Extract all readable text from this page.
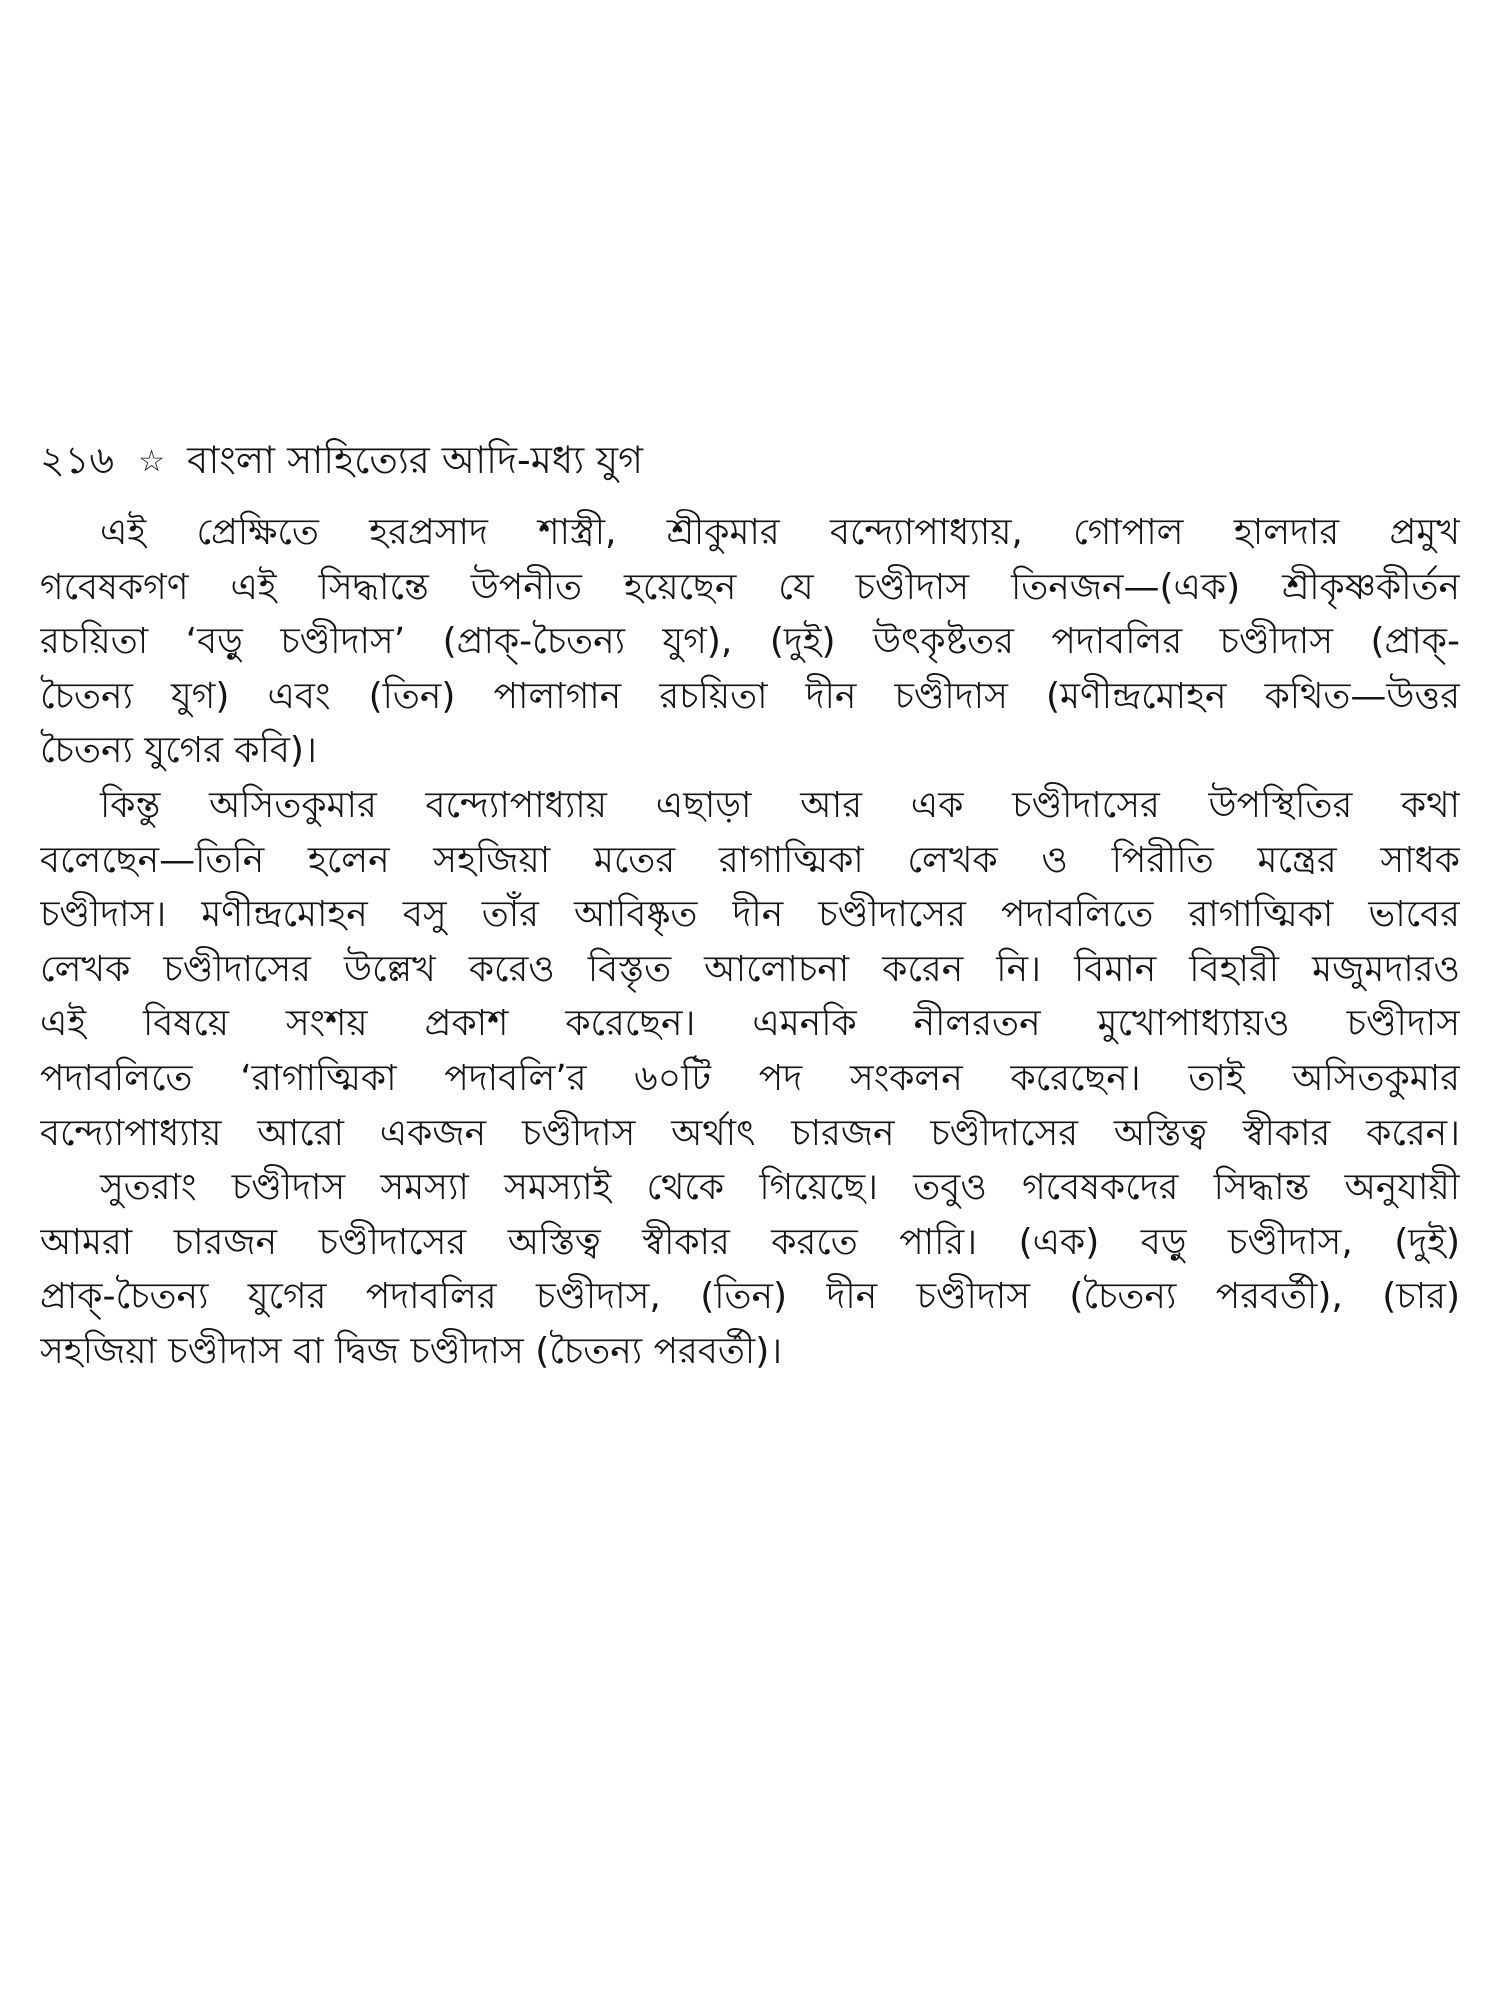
২১৬ ☆ বাংলা সাহিত্যের আদি-মধ্য যুগ
এই প্রেক্ষিতে হরপ্রসাদ শাস্ত্রী, শ্রীকুমার বন্দ্যোপাধ্যায়, গোপাল হালদার প্রমুখ
গবেষকগণ এই সিদ্ধান্তে উপনীত হয়েছেন যে চণ্ডীদাস তিনজন—(এক) শ্রীকৃষ্ণকীর্তন
রচয়িতা ‘বড়ু চণ্ডীদাস’ (প্রাক্-চৈতন্য যুগ), (দুই) উৎকৃষ্টতর পদাবলির চণ্ডীদাস (প্রাক্-
চৈতন্য যুগ) এবং (তিন) পালাগান রচয়িতা দীন চণ্ডীদাস (মণীন্দ্রমোহন কথিত—উত্তর
চৈতন্য যুগের কবি)।
কিন্তু অসিতকুমার বন্দ্যোপাধ্যায় এছাড়া আর এক চণ্ডীদাসের উপস্থিতির কথা
বলেছেন—তিনি হলেন সহজিয়া মতের রাগাত্মিকা লেখক ও পিরীতি মন্ত্রের সাধক
চণ্ডীদাস। মণীন্দ্রমোহন বসু তাঁর আবিষ্কৃত দীন চণ্ডীদাসের পদাবলিতে রাগাত্মিকা ভাবের
লেখক চণ্ডীদাসের উল্লেখ করেও বিস্তৃত আলোচনা করেন নি। বিমান বিহারী মজুমদারও
এই বিষয়ে সংশয় প্রকাশ করেছেন। এমনকি নীলরতন মুখোপাধ্যায়ও চণ্ডীদাস
পদাবলিতে ‘রাগাত্মিকা পদাবলি’র ৬০টি পদ সংকলন করেছেন। তাই অসিতকুমার
বন্দ্যোপাধ্যায় আরো একজন চণ্ডীদাস অর্থাৎ চারজন চণ্ডীদাসের অস্তিত্ব স্বীকার করেন।
সুতরাং চণ্ডীদাস সমস্যা সমস্যাই থেকে গিয়েছে। তবুও গবেষকদের সিদ্ধান্ত অনুযায়ী
আমরা চারজন চণ্ডীদাসের অস্তিত্ব স্বীকার করতে পারি। (এক) বড়ু চণ্ডীদাস, (দুই)
প্রাক্-চৈতন্য যুগের পদাবলির চণ্ডীদাস, (তিন) দীন চণ্ডীদাস (চৈতন্য পরবর্তী), (চার)
সহজিয়া চণ্ডীদাস বা দ্বিজ চণ্ডীদাস (চৈতন্য পরবর্তী)।
